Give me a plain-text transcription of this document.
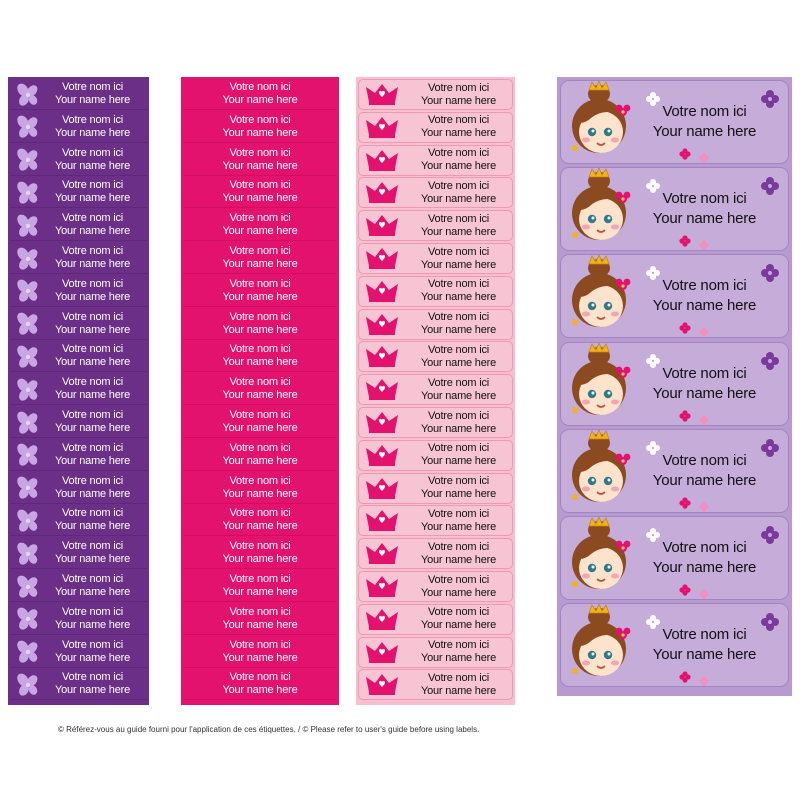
Votre nom ici
Your name here
Votre nom ici
Your name here
Votre nom ici
Your name here
Votre nom ici
Your name here
Votre nom ici
Your name here
Votre nom ici
Your name here
Votre nom ici
Your name here
Votre nom ici
Your name here
Votre nom ici
Your name here
Votre nom ici
Your name here
Votre nom ici
Your name here
Votre nom ici
Your name here
Votre nom ici
Your name here
Votre nom ici
Your name here
Votre nom ici
Your name here
Votre nom ici
Your name here
Votre nom ici
Your name here
Votre nom ici
Your name here
Votre nom ici
Your name here
Votre nom ici
Your name here
Votre nom ici
Your name here
Votre nom ici
Your name here
Votre nom ici
Your name here
Votre nom ici
Your name here
Votre nom ici
Your name here
Votre nom ici
Your name here
Votre nom ici
Your name here
Votre nom ici
Your name here
Votre nom ici
Your name here
Votre nom ici
Your name here
Votre nom ici
Your name here
Votre nom ici
Your name here
Votre nom ici
Your name here
Votre nom ici
Your name here
Votre nom ici
Your name here
Votre nom ici
Your name here
Votre nom ici
Your name here
Votre nom ici
Your name here
Votre nom ici
Your name here
Votre nom ici
Your name here
Votre nom ici
Your name here
Votre nom ici
Your name here
Votre nom ici
Your name here
Votre nom ici
Your name here
Votre nom ici
Your name here
Votre nom ici
Your name here
Votre nom ici
Your name here
Votre nom ici
Your name here
Votre nom ici
Your name here
Votre nom ici
Your name here
Votre nom ici
Your name here
Votre nom ici
Your name here
Votre nom ici
Your name here
Votre nom ici
Your name here
Votre nom ici
Your name here
Votre nom ici
Your name here
Votre nom ici
Your name here
Votre nom ici
Your name here
Votre nom ici
Your name here
Votre nom ici
Your name here
Votre nom ici
Your name here
Votre nom ici
Your name here
Votre nom ici
Your name here
Votre nom ici
Your name here
© Référez-vous au guide fourni pour l'application de ces étiquettes. / © Please refer to user's guide before using labels.
